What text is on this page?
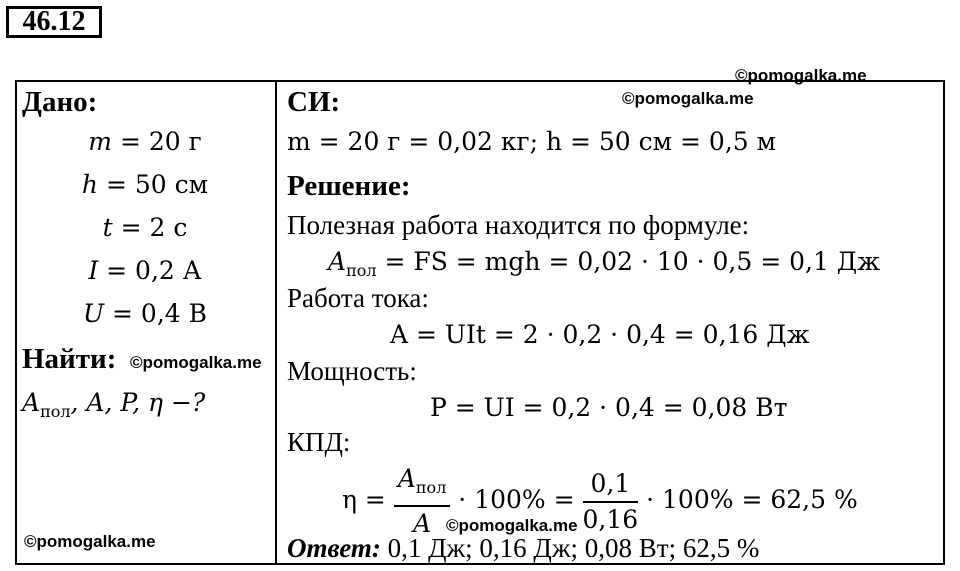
46.12
©pomogalka.me
Дано:
m = 20 г
h = 50 см
t = 2 с
I = 0,2 А
U = 0,4 В
Найти: ©pomogalka.me
$A_{пол}$, A, P, η −?
©pomogalka.me
СИ:	©pomogalka.me
m = 20 г = 0,02 кг; h = 50 см = 0,5 м
Решение:
Полезная работа находится по формуле:
$A_{пол}$ = FS = mgh = 0,02 · 10 · 0,5 = 0,1 Дж
Работа тока:
A = UIt = 2 · 0,2 · 0,4 = 0,16 Дж
Мощность:
P = UI = 0,2 · 0,4 = 0,08 Вт
КПД:
$\eta = \frac{A_{пол}}{A} \cdot 100\% = \frac{0,1}{0,16} \cdot 100\% = 62,5$ %
©pomogalka.me
Ответ: 0,1 Дж; 0,16 Дж; 0,08 Вт; 62,5 %
